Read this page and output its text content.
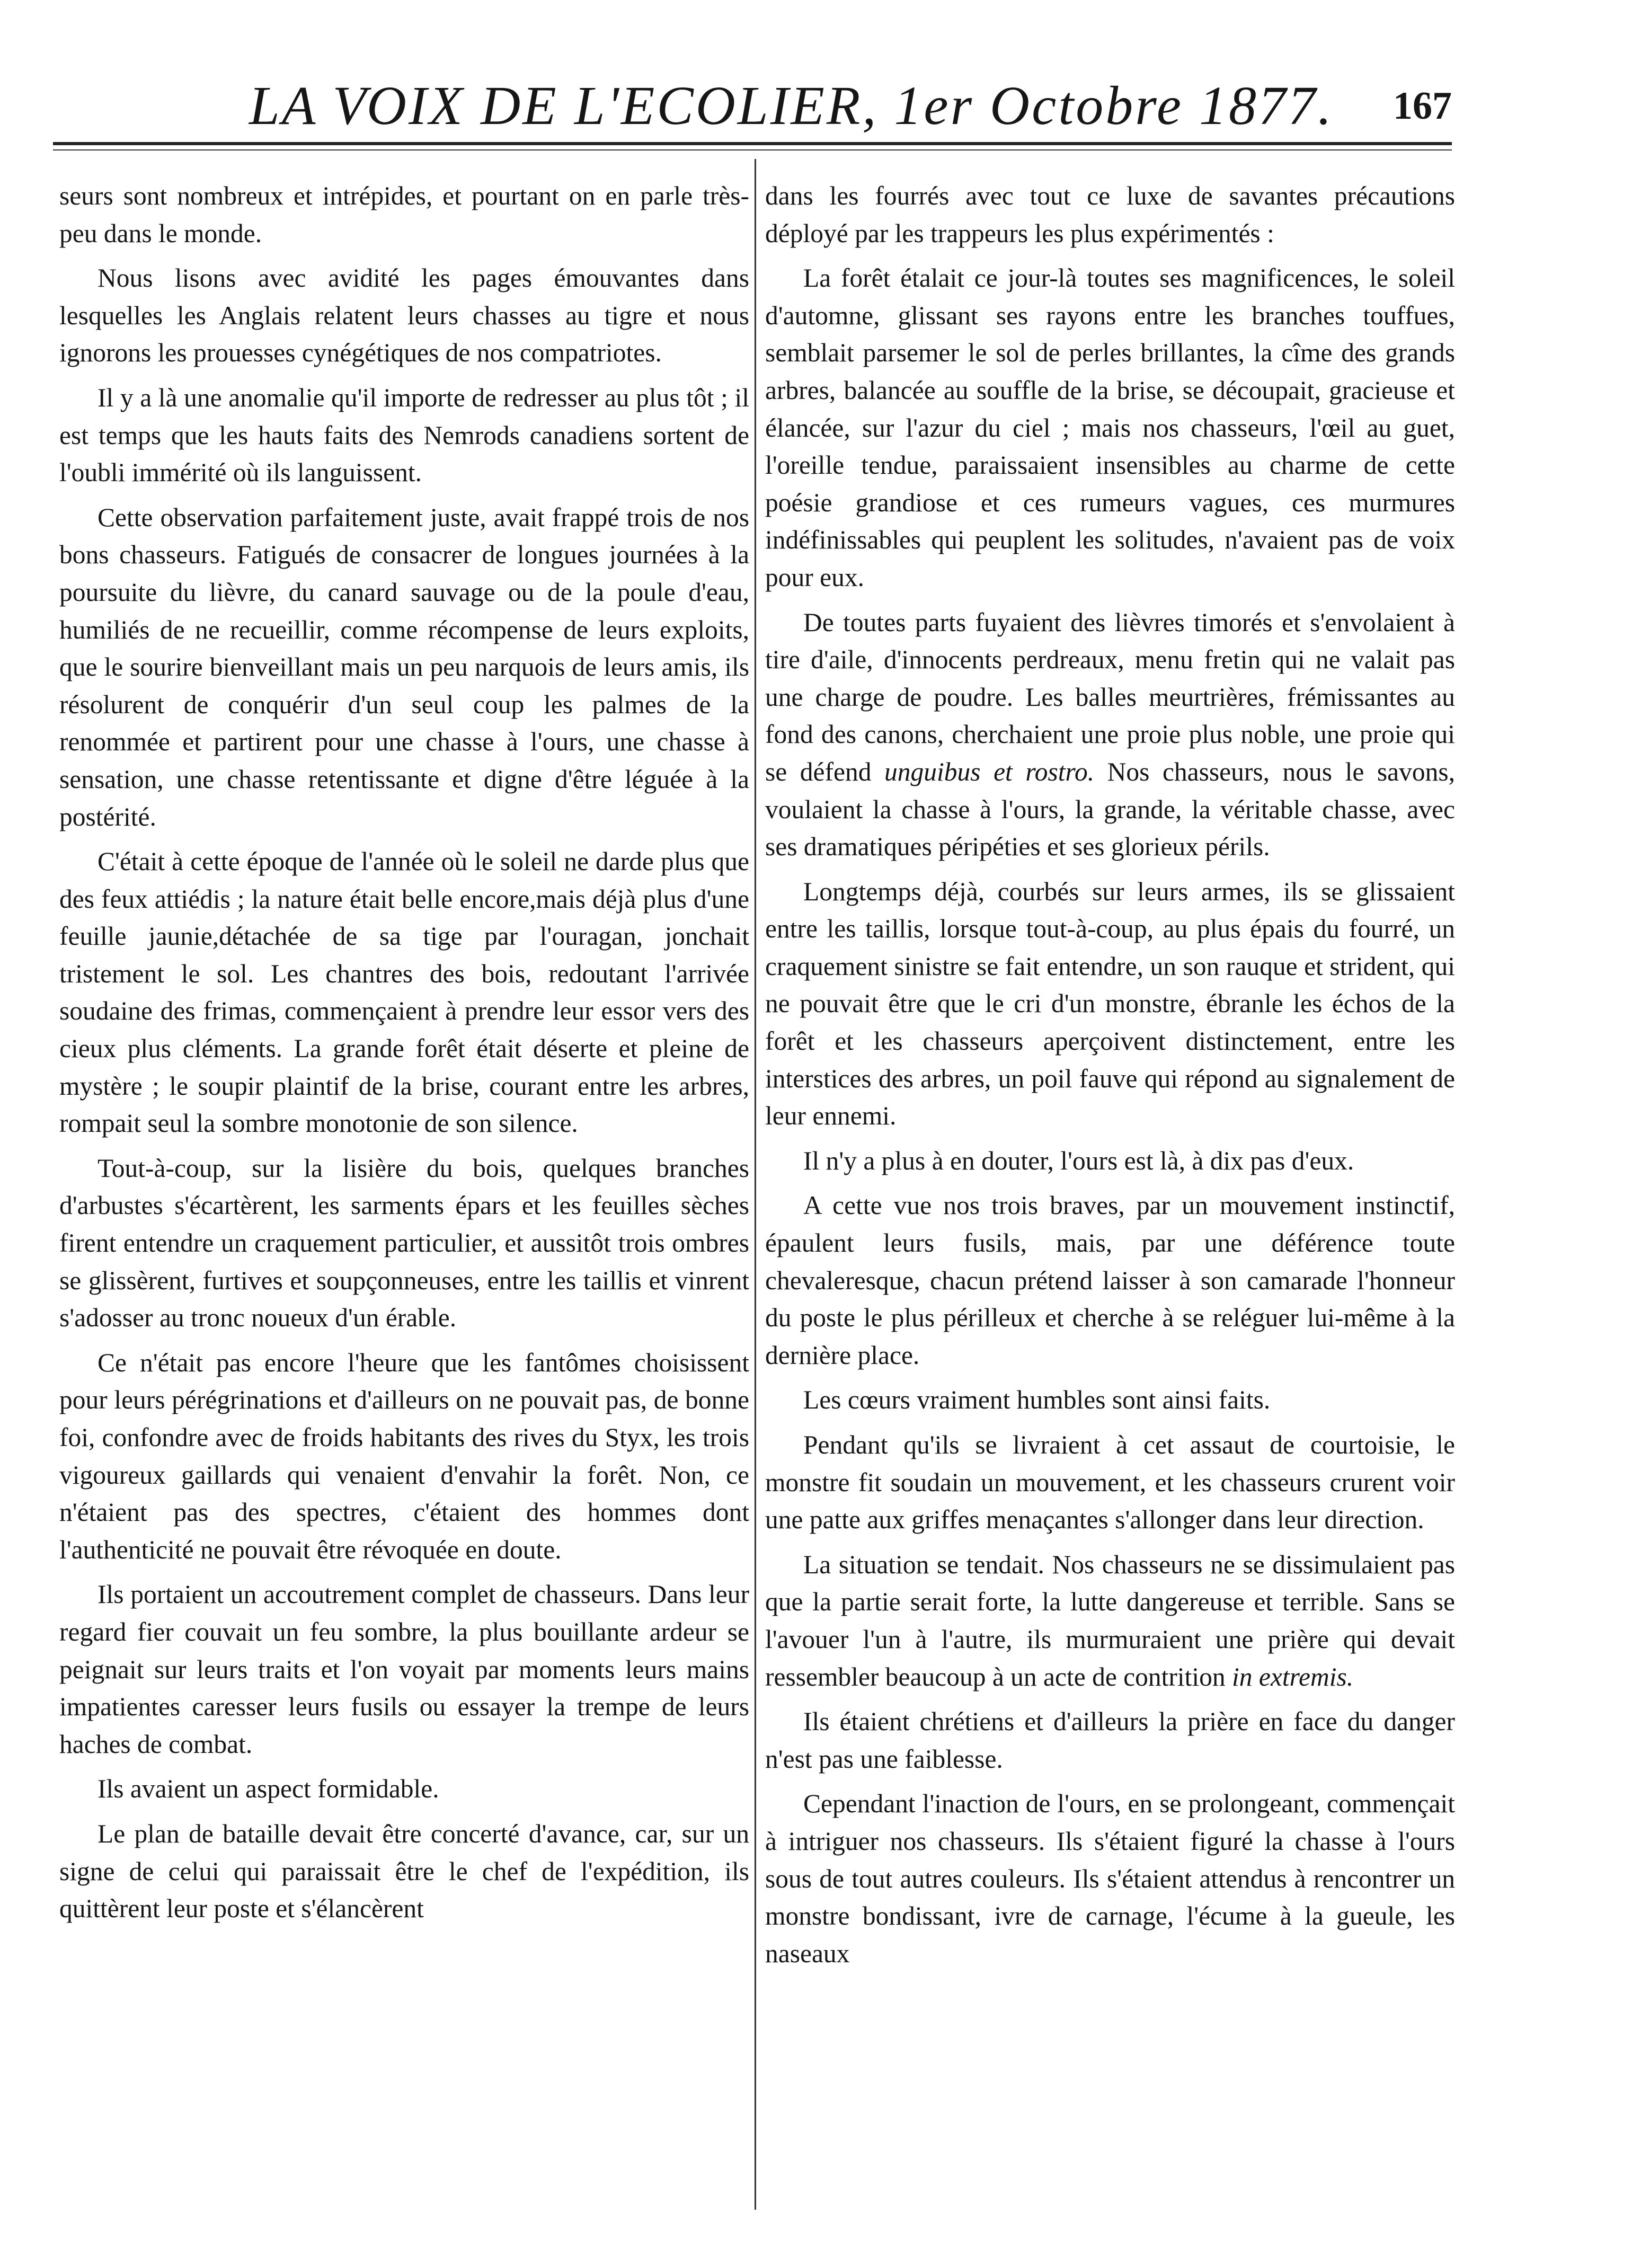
LA VOIX DE L'ECOLIER, 1er Octobre 1877. 167

seurs sont nombreux et intrépides, et pourtant on en parle très-peu dans le monde.

Nous lisons avec avidité les pages émouvantes dans lesquelles les Anglais relatent leurs chasses au tigre et nous ignorons les prouesses cynégétiques de nos compatriotes.

Il y a là une anomalie qu'il importe de redresser au plus tôt ; il est temps que les hauts faits des Nemrods canadiens sortent de l'oubli immérité où ils languissent.

Cette observation parfaitement juste, avait frappé trois de nos bons chasseurs. Fatigués de consacrer de longues journées à la poursuite du lièvre, du canard sauvage ou de la poule d'eau, humiliés de ne recueillir, comme récompense de leurs exploits, que le sourire bienveillant mais un peu narquois de leurs amis, ils résolurent de conquérir d'un seul coup les palmes de la renommée et partirent pour une chasse à l'ours, une chasse à sensation, une chasse retentissante et digne d'être léguée à la postérité.

C'était à cette époque de l'année où le soleil ne darde plus que des feux attiédis ; la nature était belle encore,mais déjà plus d'une feuille jaunie,détachée de sa tige par l'ouragan, jonchait tristement le sol. Les chantres des bois, redoutant l'arrivée soudaine des frimas, commençaient à prendre leur essor vers des cieux plus cléments. La grande forêt était déserte et pleine de mystère ; le soupir plaintif de la brise, courant entre les arbres, rompait seul la sombre monotonie de son silence.

Tout-à-coup, sur la lisière du bois, quelques branches d'arbustes s'écartèrent, les sarments épars et les feuilles sèches firent entendre un craquement particulier, et aussitôt trois ombres se glissèrent, furtives et soupçonneuses, entre les taillis et vinrent s'adosser au tronc noueux d'un érable.

Ce n'était pas encore l'heure que les fantômes choisissent pour leurs pérégrinations et d'ailleurs on ne pouvait pas, de bonne foi, confondre avec de froids habitants des rives du Styx, les trois vigoureux gaillards qui venaient d'envahir la forêt. Non, ce n'étaient pas des spectres, c'étaient des hommes dont l'authenticité ne pouvait être révoquée en doute.

Ils portaient un accoutrement complet de chasseurs. Dans leur regard fier couvait un feu sombre, la plus bouillante ardeur se peignait sur leurs traits et l'on voyait par moments leurs mains impatientes caresser leurs fusils ou essayer la trempe de leurs haches de combat.

Ils avaient un aspect formidable.

Le plan de bataille devait être concerté d'avance, car, sur un signe de celui qui paraissait être le chef de l'expédition, ils quittèrent leur poste et s'élancèrent

dans les fourrés avec tout ce luxe de savantes précautions déployé par les trappeurs les plus expérimentés :

La forêt étalait ce jour-là toutes ses magnificences, le soleil d'automne, glissant ses rayons entre les branches touffues, semblait parsemer le sol de perles brillantes, la cîme des grands arbres, balancée au souffle de la brise, se découpait, gracieuse et élancée, sur l'azur du ciel ; mais nos chasseurs, l'œil au guet, l'oreille tendue, paraissaient insensibles au charme de cette poésie grandiose et ces rumeurs vagues, ces murmures indéfinissables qui peuplent les solitudes, n'avaient pas de voix pour eux.

De toutes parts fuyaient des lièvres timorés et s'envolaient à tire d'aile, d'innocents perdreaux, menu fretin qui ne valait pas une charge de poudre. Les balles meurtrières, frémissantes au fond des canons, cherchaient une proie plus noble, une proie qui se défend unguibus et rostro. Nos chasseurs, nous le savons, voulaient la chasse à l'ours, la grande, la véritable chasse, avec ses dramatiques péripéties et ses glorieux périls.

Longtemps déjà, courbés sur leurs armes, ils se glissaient entre les taillis, lorsque tout-à-coup, au plus épais du fourré, un craquement sinistre se fait entendre, un son rauque et strident, qui ne pouvait être que le cri d'un monstre, ébranle les échos de la forêt et les chasseurs aperçoivent distinctement, entre les interstices des arbres, un poil fauve qui répond au signalement de leur ennemi.

Il n'y a plus à en douter, l'ours est là, à dix pas d'eux.

A cette vue nos trois braves, par un mouvement instinctif, épaulent leurs fusils, mais, par une déférence toute chevaleresque, chacun prétend laisser à son camarade l'honneur du poste le plus périlleux et cherche à se reléguer lui-même à la dernière place.

Les cœurs vraiment humbles sont ainsi faits.

Pendant qu'ils se livraient à cet assaut de courtoisie, le monstre fit soudain un mouvement, et les chasseurs crurent voir une patte aux griffes menaçantes s'allonger dans leur direction.

La situation se tendait. Nos chasseurs ne se dissimulaient pas que la partie serait forte, la lutte dangereuse et terrible. Sans se l'avouer l'un à l'autre, ils murmuraient une prière qui devait ressembler beaucoup à un acte de contrition in extremis.

Ils étaient chrétiens et d'ailleurs la prière en face du danger n'est pas une faiblesse.

Cependant l'inaction de l'ours, en se prolongeant, commençait à intriguer nos chasseurs. Ils s'étaient figuré la chasse à l'ours sous de tout autres couleurs. Ils s'étaient attendus à rencontrer un monstre bondissant, ivre de carnage, l'écume à la gueule, les naseaux
